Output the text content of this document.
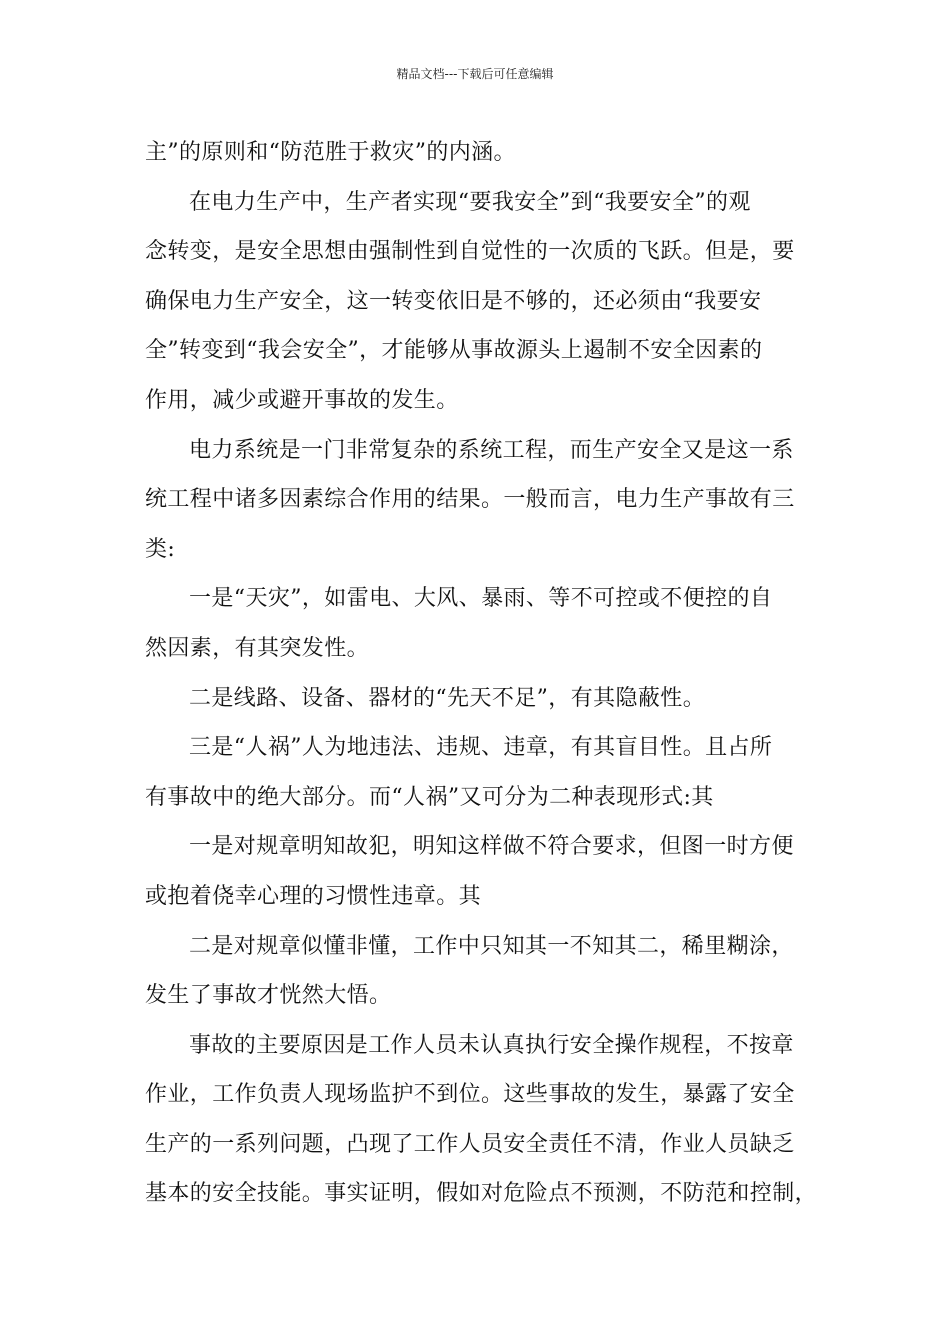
精品文档---下载后可任意编辑
主”的原则和“防范胜于救灾”的内涵。
在电力生产中，生产者实现“要我安全”到“我要安全”的观
念转变，是安全思想由强制性到自觉性的一次质的飞跃。但是，要
确保电力生产安全，这一转变依旧是不够的，还必须由“我要安
全”转变到“我会安全”，才能够从事故源头上遏制不安全因素的
作用，减少或避开事故的发生。
电力系统是一门非常复杂的系统工程，而生产安全又是这一系
统工程中诸多因素综合作用的结果。一般而言，电力生产事故有三
类:
一是“天灾”，如雷电、大风、暴雨、等不可控或不便控的自
然因素，有其突发性。
二是线路、设备、器材的“先天不足”，有其隐蔽性。
三是“人祸”人为地违法、违规、违章，有其盲目性。且占所
有事故中的绝大部分。而“人祸”又可分为二种表现形式:其
一是对规章明知故犯，明知这样做不符合要求，但图一时方便
或抱着侥幸心理的习惯性违章。其
二是对规章似懂非懂，工作中只知其一不知其二，稀里糊涂，
发生了事故才恍然大悟。
事故的主要原因是工作人员未认真执行安全操作规程，不按章
作业，工作负责人现场监护不到位。这些事故的发生，暴露了安全
生产的一系列问题，凸现了工作人员安全责任不清，作业人员缺乏
基本的安全技能。事实证明，假如对危险点不预测，不防范和控制，
